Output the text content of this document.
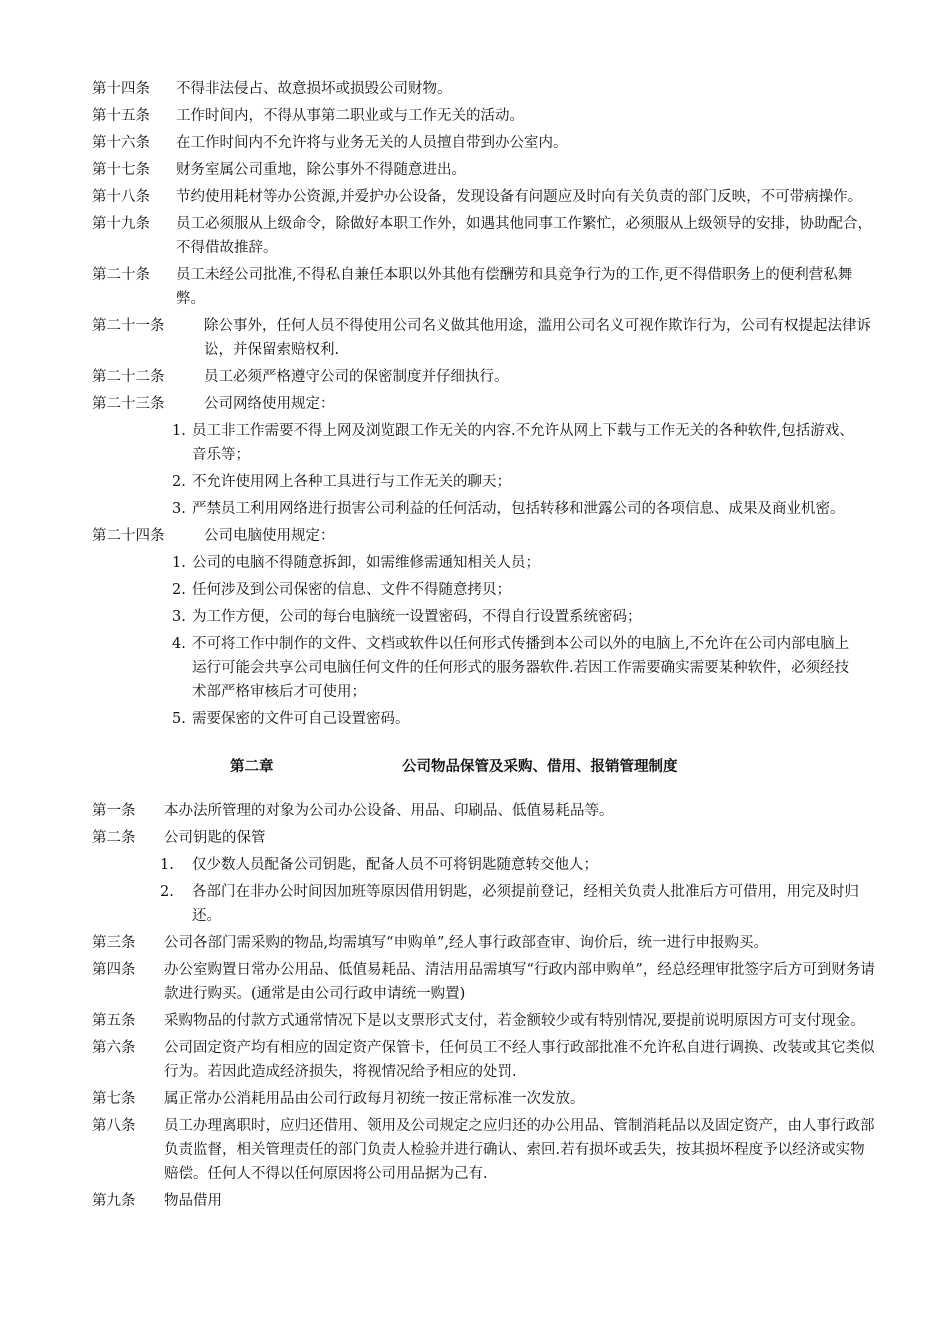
第十四条	不得非法侵占、故意损坏或损毁公司财物。
第十五条	工作时间内，不得从事第二职业或与工作无关的活动。
第十六条	在工作时间内不允许将与业务无关的人员擅自带到办公室内。
第十七条	财务室属公司重地，除公事外不得随意进出。
第十八条	节约使用耗材等办公资源,并爱护办公设备，发现设备有问题应及时向有关负责的部门反映，不可带病操作。
第十九条	员工必须服从上级命令，除做好本职工作外，如遇其他同事工作繁忙，必须服从上级领导的安排，协助配合，不得借故推辞。
第二十条	员工未经公司批准,不得私自兼任本职以外其他有偿酬劳和具竞争行为的工作,更不得借职务上的便利营私舞弊。
第二十一条	除公事外，任何人员不得使用公司名义做其他用途，滥用公司名义可视作欺诈行为，公司有权提起法律诉讼，并保留索赔权利.
第二十二条	员工必须严格遵守公司的保密制度并仔细执行。
第二十三条	公司网络使用规定：
1. 员工非工作需要不得上网及浏览跟工作无关的内容.不允许从网上下载与工作无关的各种软件,包括游戏、音乐等；
2. 不允许使用网上各种工具进行与工作无关的聊天；
3. 严禁员工利用网络进行损害公司利益的任何活动，包括转移和泄露公司的各项信息、成果及商业机密。
第二十四条	公司电脑使用规定：
1. 公司的电脑不得随意拆卸，如需维修需通知相关人员；
2. 任何涉及到公司保密的信息、文件不得随意拷贝；
3. 为工作方便，公司的每台电脑统一设置密码，不得自行设置系统密码；
4. 不可将工作中制作的文件、文档或软件以任何形式传播到本公司以外的电脑上,不允许在公司内部电脑上运行可能会共享公司电脑任何文件的任何形式的服务器软件.若因工作需要确实需要某种软件，必须经技术部严格审核后才可使用；
5. 需要保密的文件可自己设置密码。
第二章	公司物品保管及采购、借用、报销管理制度
第一条	本办法所管理的对象为公司办公设备、用品、印刷品、低值易耗品等。
第二条	公司钥匙的保管
1.	仅少数人员配备公司钥匙，配备人员不可将钥匙随意转交他人；
2.	各部门在非办公时间因加班等原因借用钥匙，必须提前登记，经相关负责人批准后方可借用，用完及时归还。
第三条	公司各部门需采购的物品,均需填写“申购单”,经人事行政部查审、询价后，统一进行申报购买。
第四条	办公室购置日常办公用品、低值易耗品、清洁用品需填写“行政内部申购单”，经总经理审批签字后方可到财务请款进行购买。(通常是由公司行政申请统一购置)
第五条	采购物品的付款方式通常情况下是以支票形式支付，若金额较少或有特别情况,要提前说明原因方可支付现金。
第六条	公司固定资产均有相应的固定资产保管卡，任何员工不经人事行政部批准不允许私自进行调换、改装或其它类似行为。若因此造成经济损失，将视情况给予相应的处罚.
第七条	属正常办公消耗用品由公司行政每月初统一按正常标准一次发放。
第八条	员工办理离职时，应归还借用、领用及公司规定之应归还的办公用品、管制消耗品以及固定资产，由人事行政部负责监督，相关管理责任的部门负责人检验并进行确认、索回.若有损坏或丢失，按其损坏程度予以经济或实物赔偿。任何人不得以任何原因将公司用品据为己有.
第九条	物品借用
